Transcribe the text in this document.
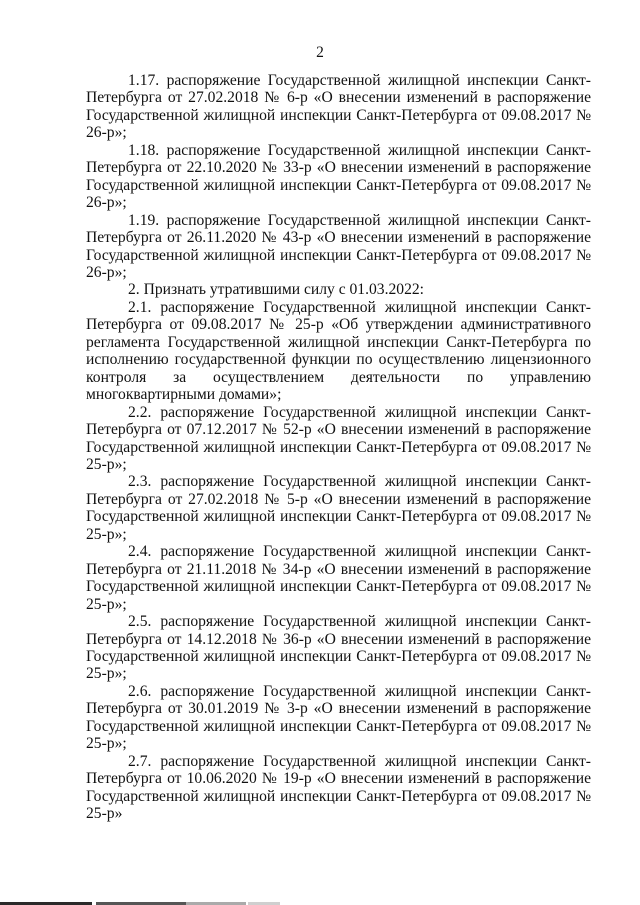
2

1.17. распоряжение Государственной жилищной инспекции Санкт-Петербурга от 27.02.2018 № 6-р «О внесении изменений в распоряжение Государственной жилищной инспекции Санкт-Петербурга от 09.08.2017 № 26-р»;

1.18. распоряжение Государственной жилищной инспекции Санкт-Петербурга от 22.10.2020 № 33-р «О внесении изменений в распоряжение Государственной жилищной инспекции Санкт-Петербурга от 09.08.2017 № 26-р»;

1.19. распоряжение Государственной жилищной инспекции Санкт-Петербурга от 26.11.2020 № 43-р «О внесении изменений в распоряжение Государственной жилищной инспекции Санкт-Петербурга от 09.08.2017 № 26-р»;

2. Признать утратившими силу с 01.03.2022:

2.1. распоряжение Государственной жилищной инспекции Санкт-Петербурга от 09.08.2017 № 25-р «Об утверждении административного регламента Государственной жилищной инспекции Санкт-Петербурга по исполнению государственной функции по осуществлению лицензионного контроля за осуществлением деятельности по управлению многоквартирными домами»;

2.2. распоряжение Государственной жилищной инспекции Санкт-Петербурга от 07.12.2017 № 52-р «О внесении изменений в распоряжение Государственной жилищной инспекции Санкт-Петербурга от 09.08.2017 № 25-р»;

2.3. распоряжение Государственной жилищной инспекции Санкт-Петербурга от 27.02.2018 № 5-р «О внесении изменений в распоряжение Государственной жилищной инспекции Санкт-Петербурга от 09.08.2017 № 25-р»;

2.4. распоряжение Государственной жилищной инспекции Санкт-Петербурга от 21.11.2018 № 34-р «О внесении изменений в распоряжение Государственной жилищной инспекции Санкт-Петербурга от 09.08.2017 № 25-р»;

2.5. распоряжение Государственной жилищной инспекции Санкт-Петербурга от 14.12.2018 № 36-р «О внесении изменений в распоряжение Государственной жилищной инспекции Санкт-Петербурга от 09.08.2017 № 25-р»;

2.6. распоряжение Государственной жилищной инспекции Санкт-Петербурга от 30.01.2019 № 3-р «О внесении изменений в распоряжение Государственной жилищной инспекции Санкт-Петербурга от 09.08.2017 № 25-р»;

2.7. распоряжение Государственной жилищной инспекции Санкт-Петербурга от 10.06.2020 № 19-р «О внесении изменений в распоряжение Государственной жилищной инспекции Санкт-Петербурга от 09.08.2017 № 25-р»
